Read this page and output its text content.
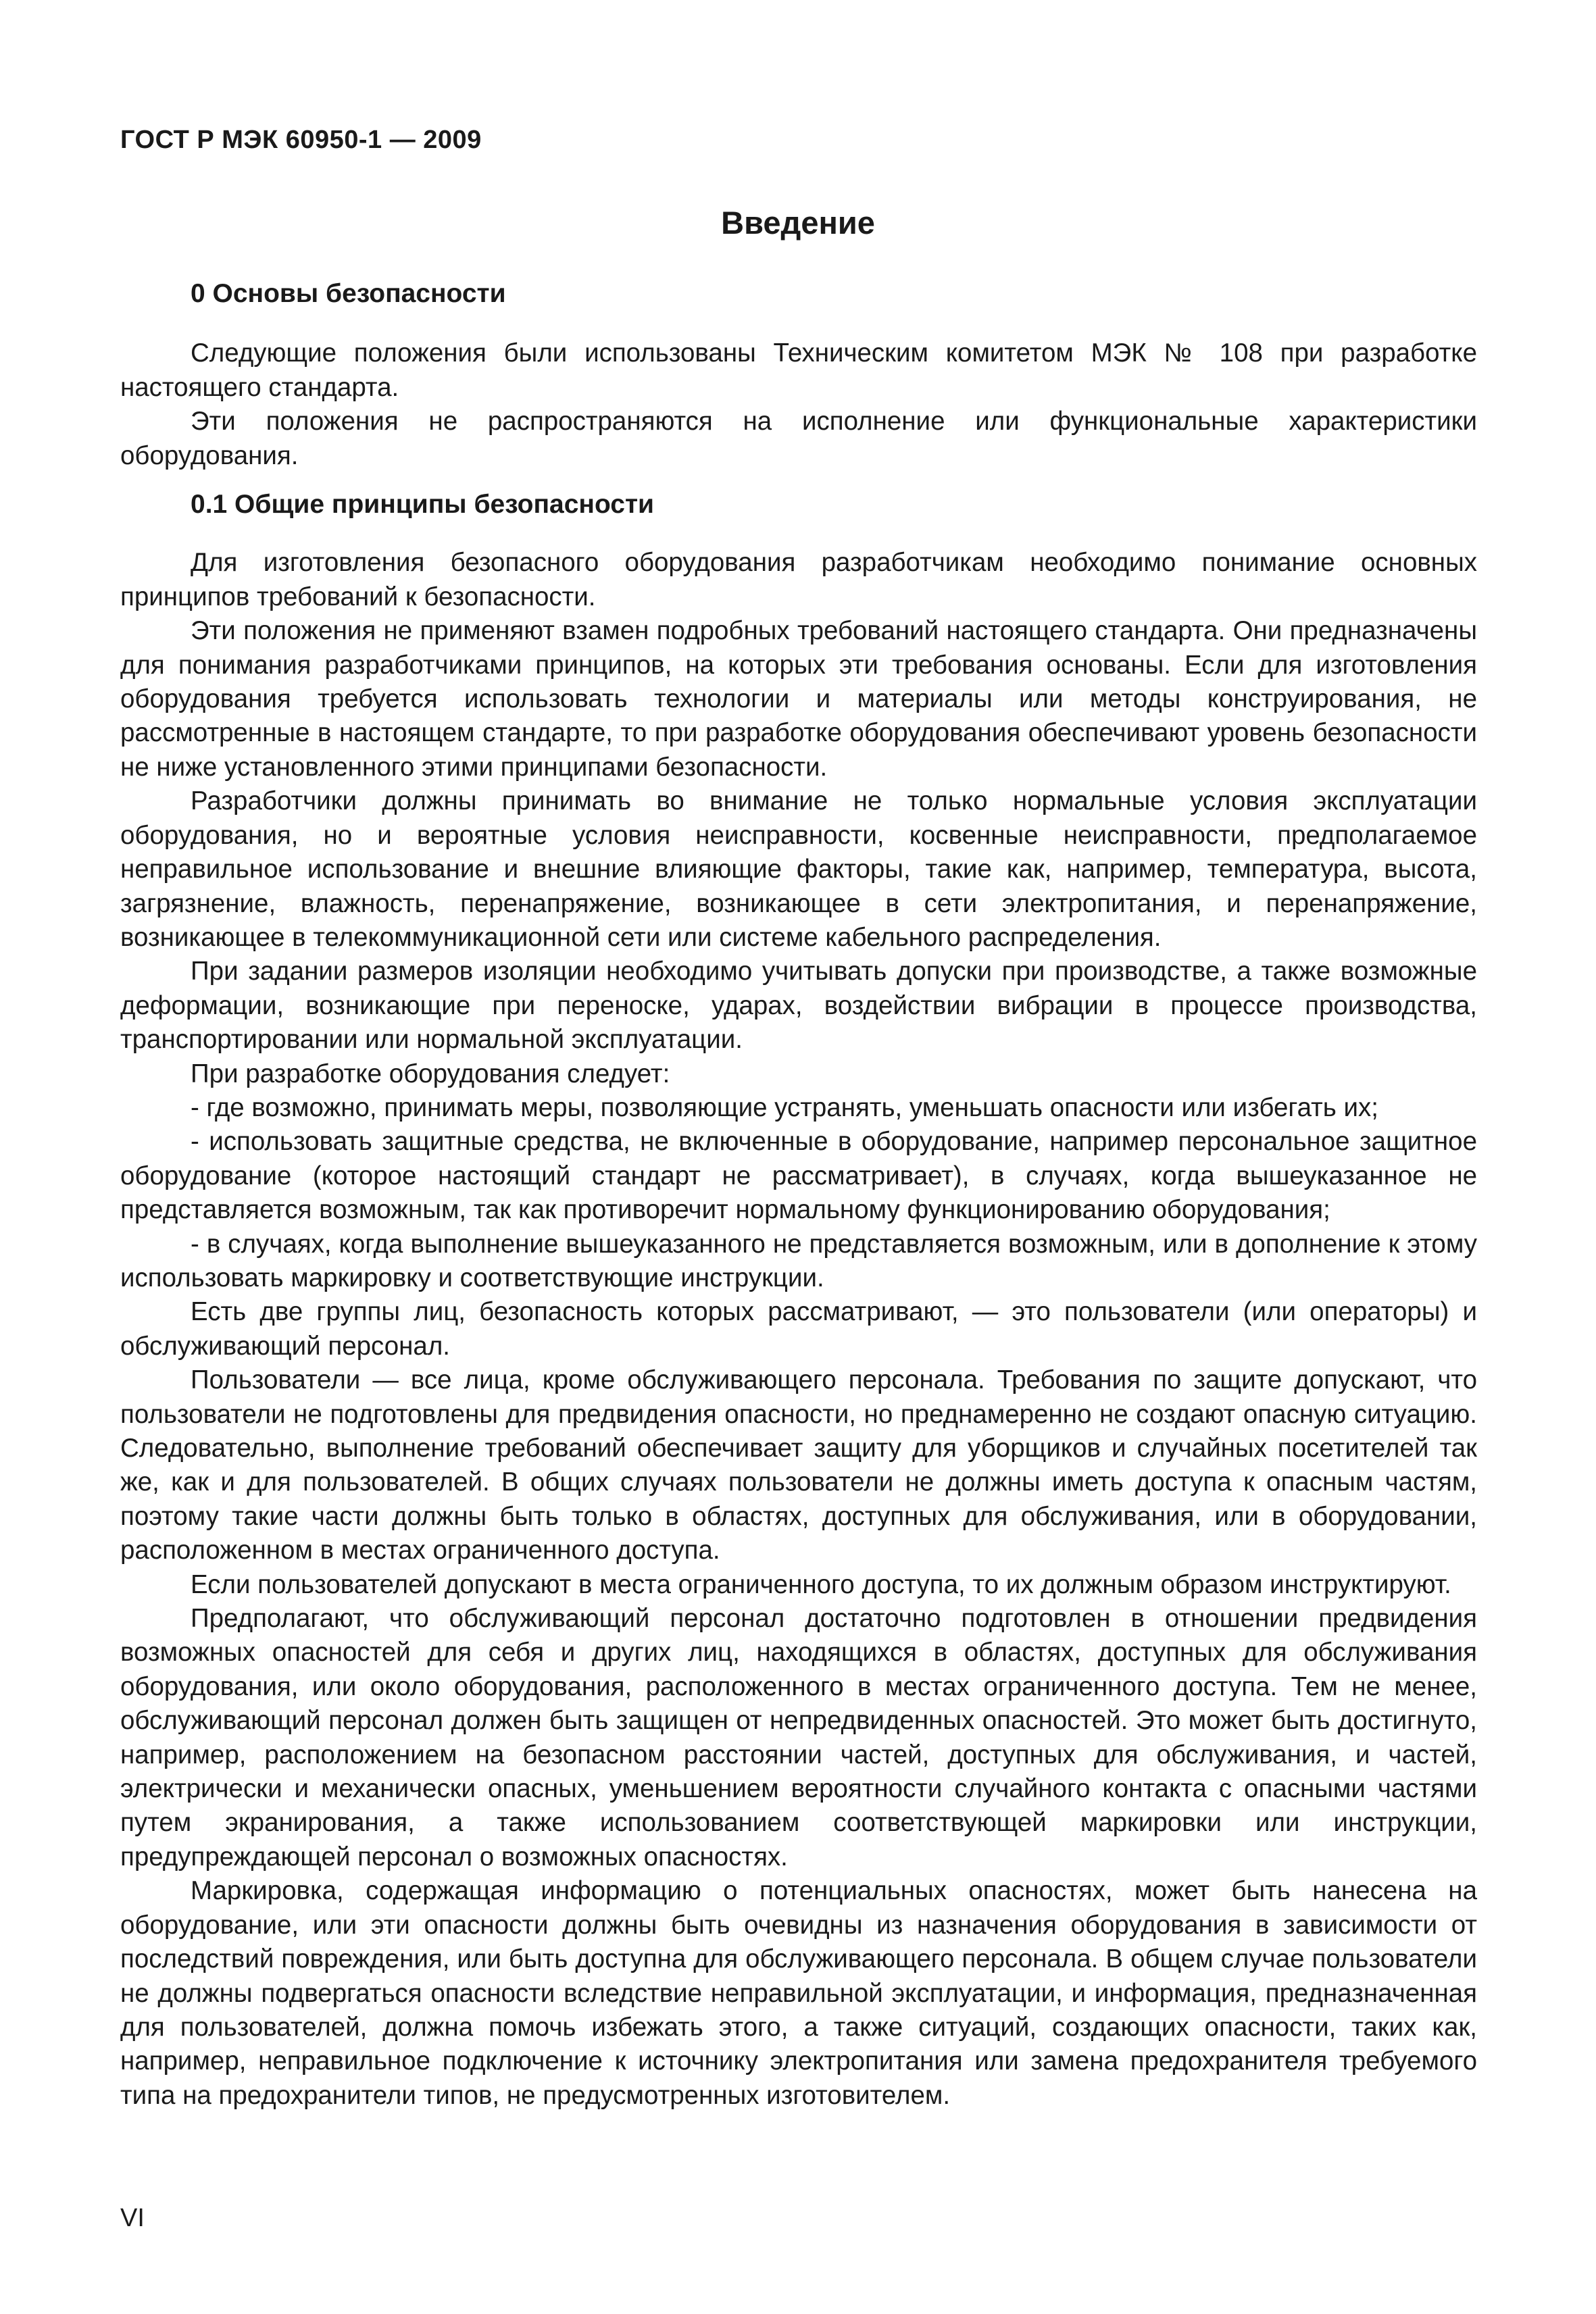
ГОСТ Р МЭК 60950-1 — 2009
Введение
0 Основы безопасности

Следующие положения были использованы Техническим комитетом МЭК № 108 при разработке настоящего стандарта.

Эти положения не распространяются на исполнение или функциональные характеристики оборудования.

0.1 Общие принципы безопасности

Для изготовления безопасного оборудования разработчикам необходимо понимание основных принципов требований к безопасности.

Эти положения не применяют взамен подробных требований настоящего стандарта. Они предназначены для понимания разработчиками принципов, на которых эти требования основаны. Если для изготовления оборудования требуется использовать технологии и материалы или методы конструирования, не рассмотренные в настоящем стандарте, то при разработке оборудования обеспечивают уровень безопасности не ниже установленного этими принципами безопасности.

Разработчики должны принимать во внимание не только нормальные условия эксплуатации оборудования, но и вероятные условия неисправности, косвенные неисправности, предполагаемое неправильное использование и внешние влияющие факторы, такие как, например, температура, высота, загрязнение, влажность, перенапряжение, возникающее в сети электропитания, и перенапряжение, возникающее в телекоммуникационной сети или системе кабельного распределения.

При задании размеров изоляции необходимо учитывать допуски при производстве, а также возможные деформации, возникающие при переноске, ударах, воздействии вибрации в процессе производства, транспортировании или нормальной эксплуатации.

При разработке оборудования следует:

- где возможно, принимать меры, позволяющие устранять, уменьшать опасности или избегать их;

- использовать защитные средства, не включенные в оборудование, например персональное защитное оборудование (которое настоящий стандарт не рассматривает), в случаях, когда вышеуказанное не представляется возможным, так как противоречит нормальному функционированию оборудования;

- в случаях, когда выполнение вышеуказанного не представляется возможным, или в дополнение к этому использовать маркировку и соответствующие инструкции.

Есть две группы лиц, безопасность которых рассматривают, — это пользователи (или операторы) и обслуживающий персонал.

Пользователи — все лица, кроме обслуживающего персонала. Требования по защите допускают, что пользователи не подготовлены для предвидения опасности, но преднамеренно не создают опасную ситуацию. Следовательно, выполнение требований обеспечивает защиту для уборщиков и случайных посетителей так же, как и для пользователей. В общих случаях пользователи не должны иметь доступа к опасным частям, поэтому такие части должны быть только в областях, доступных для обслуживания, или в оборудовании, расположенном в местах ограниченного доступа.

Если пользователей допускают в места ограниченного доступа, то их должным образом инструктируют.

Предполагают, что обслуживающий персонал достаточно подготовлен в отношении предвидения возможных опасностей для себя и других лиц, находящихся в областях, доступных для обслуживания оборудования, или около оборудования, расположенного в местах ограниченного доступа. Тем не менее, обслуживающий персонал должен быть защищен от непредвиденных опасностей. Это может быть достигнуто, например, расположением на безопасном расстоянии частей, доступных для обслуживания, и частей, электрически и механически опасных, уменьшением вероятности случайного контакта с опасными частями путем экранирования, а также использованием соответствующей маркировки или инструкции, предупреждающей персонал о возможных опасностях.

Маркировка, содержащая информацию о потенциальных опасностях, может быть нанесена на оборудование, или эти опасности должны быть очевидны из назначения оборудования в зависимости от последствий повреждения, или быть доступна для обслуживающего персонала. В общем случае пользователи не должны подвергаться опасности вследствие неправильной эксплуатации, и информация, предназначенная для пользователей, должна помочь избежать этого, а также ситуаций, создающих опасности, таких как, например, неправильное подключение к источнику электропитания или замена предохранителя требуемого типа на предохранители типов, не предусмотренных изготовителем.

VI
